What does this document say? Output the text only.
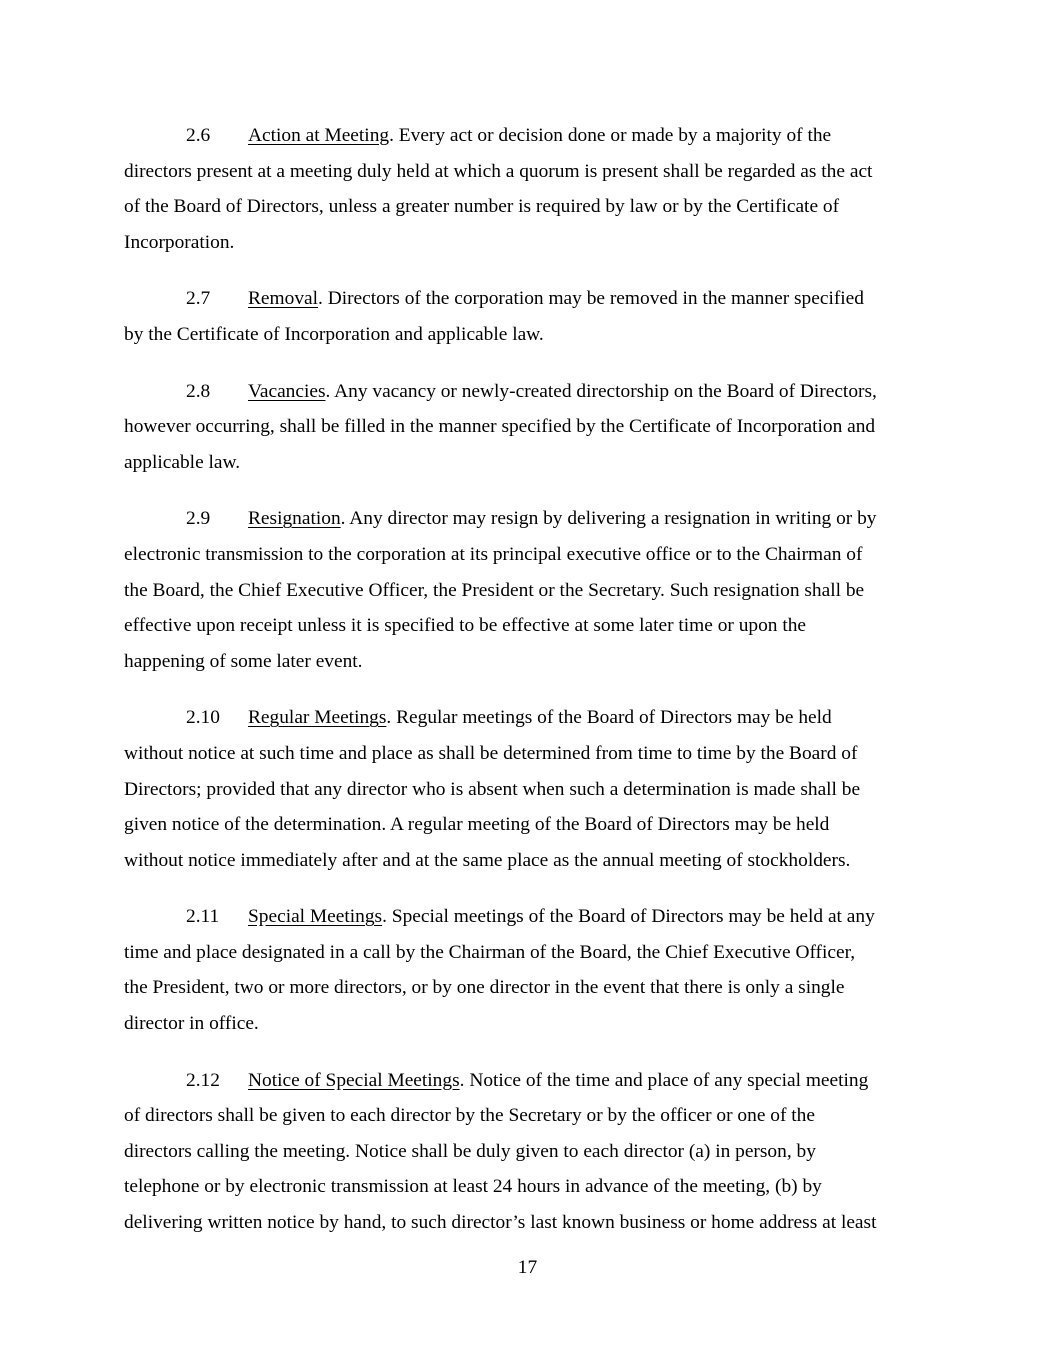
2.6 Action at Meeting. Every act or decision done or made by a majority of the
directors present at a meeting duly held at which a quorum is present shall be regarded as the act
of the Board of Directors, unless a greater number is required by law or by the Certificate of
Incorporation.
2.7 Removal. Directors of the corporation may be removed in the manner specified
by the Certificate of Incorporation and applicable law.
2.8 Vacancies. Any vacancy or newly-created directorship on the Board of Directors,
however occurring, shall be filled in the manner specified by the Certificate of Incorporation and
applicable law.
2.9 Resignation. Any director may resign by delivering a resignation in writing or by
electronic transmission to the corporation at its principal executive office or to the Chairman of
the Board, the Chief Executive Officer, the President or the Secretary. Such resignation shall be
effective upon receipt unless it is specified to be effective at some later time or upon the
happening of some later event.
2.10 Regular Meetings. Regular meetings of the Board of Directors may be held
without notice at such time and place as shall be determined from time to time by the Board of
Directors; provided that any director who is absent when such a determination is made shall be
given notice of the determination. A regular meeting of the Board of Directors may be held
without notice immediately after and at the same place as the annual meeting of stockholders.
2.11 Special Meetings. Special meetings of the Board of Directors may be held at any
time and place designated in a call by the Chairman of the Board, the Chief Executive Officer,
the President, two or more directors, or by one director in the event that there is only a single
director in office.
2.12 Notice of Special Meetings. Notice of the time and place of any special meeting
of directors shall be given to each director by the Secretary or by the officer or one of the
directors calling the meeting. Notice shall be duly given to each director (a) in person, by
telephone or by electronic transmission at least 24 hours in advance of the meeting, (b) by
delivering written notice by hand, to such director’s last known business or home address at least
17
